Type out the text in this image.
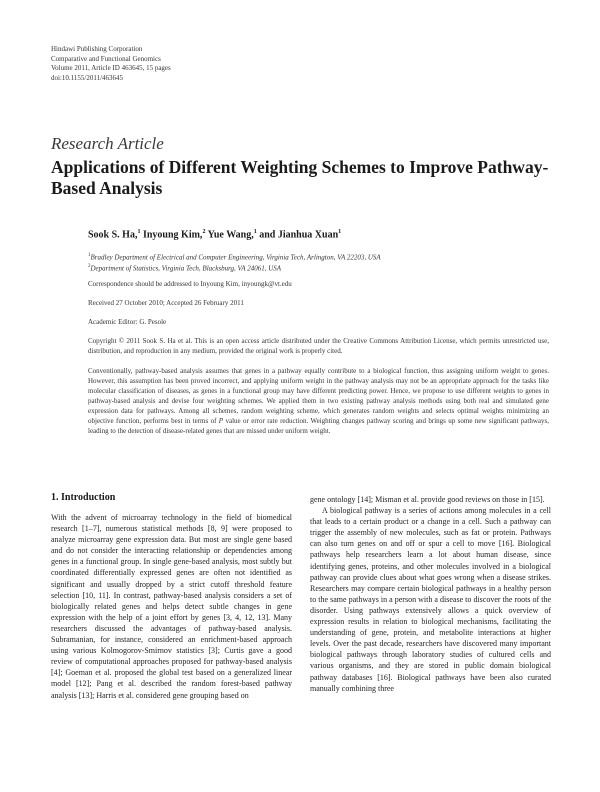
Hindawi Publishing Corporation
Comparative and Functional Genomics
Volume 2011, Article ID 463645, 15 pages
doi:10.1155/2011/463645
Research Article
Applications of Different Weighting Schemes to Improve Pathway-Based Analysis
Sook S. Ha,$^1$ Inyoung Kim,$^2$ Yue Wang,$^1$ and Jianhua Xuan$^1$
$^1$Bradley Department of Electrical and Computer Engineering, Virginia Tech, Arlington, VA 22203, USA
$^2$Department of Statistics, Virginia Tech, Blacksburg, VA 24061, USA
Correspondence should be addressed to Inyoung Kim, inyoungk@vt.edu
Received 27 October 2010; Accepted 26 February 2011
Academic Editor: G. Pesole
Copyright © 2011 Sook S. Ha et al. This is an open access article distributed under the Creative Commons Attribution License, which permits unrestricted use, distribution, and reproduction in any medium, provided the original work is properly cited.
Conventionally, pathway-based analysis assumes that genes in a pathway equally contribute to a biological function, thus assigning uniform weight to genes. However, this assumption has been proved incorrect, and applying uniform weight in the pathway analysis may not be an appropriate approach for the tasks like molecular classification of diseases, as genes in a functional group may have different predicting power. Hence, we propose to use different weights to genes in pathway-based analysis and devise four weighting schemes. We applied them in two existing pathway analysis methods using both real and simulated gene expression data for pathways. Among all schemes, random weighting scheme, which generates random weights and selects optimal weights minimizing an objective function, performs best in terms of P value or error rate reduction. Weighting changes pathway scoring and brings up some new significant pathways, leading to the detection of disease-related genes that are missed under uniform weight.
1. Introduction

With the advent of microarray technology in the field of biomedical research [1–7], numerous statistical methods [8, 9] were proposed to analyze microarray gene expression data. But most are single gene based and do not consider the interacting relationship or dependencies among genes in a functional group. In single gene-based analysis, most subtly but coordinated differentially expressed genes are often not identified as significant and usually dropped by a strict cutoff threshold feature selection [10, 11]. In contrast, pathway-based analysis considers a set of biologically related genes and helps detect subtle changes in gene expression with the help of a joint effort by genes [3, 4, 12, 13]. Many researchers discussed the advantages of pathway-based analysis. Subramanian, for instance, considered an enrichment-based approach using various Kolmogorov-Smirnov statistics [3]; Curtis gave a good review of computational approaches proposed for pathway-based analysis [4]; Goeman et al. proposed the global test based on a generalized linear model [12]; Pang et al. described the random forest-based pathway analysis [13]; Harris et al. considered gene grouping based on

gene ontology [14]; Misman et al. provide good reviews on those in [15].

A biological pathway is a series of actions among molecules in a cell that leads to a certain product or a change in a cell. Such a pathway can trigger the assembly of new molecules, such as fat or protein. Pathways can also turn genes on and off or spur a cell to move [16]. Biological pathways help researchers learn a lot about human disease, since identifying genes, proteins, and other molecules involved in a biological pathway can provide clues about what goes wrong when a disease strikes. Researchers may compare certain biological pathways in a healthy person to the same pathways in a person with a disease to discover the roots of the disorder. Using pathways extensively allows a quick overview of expression results in relation to biological mechanisms, facilitating the understanding of gene, protein, and metabolite interactions at higher levels. Over the past decade, researchers have discovered many important biological pathways through laboratory studies of cultured cells and various organisms, and they are stored in public domain biological pathway databases [16]. Biological pathways have been also curated manually combining three
